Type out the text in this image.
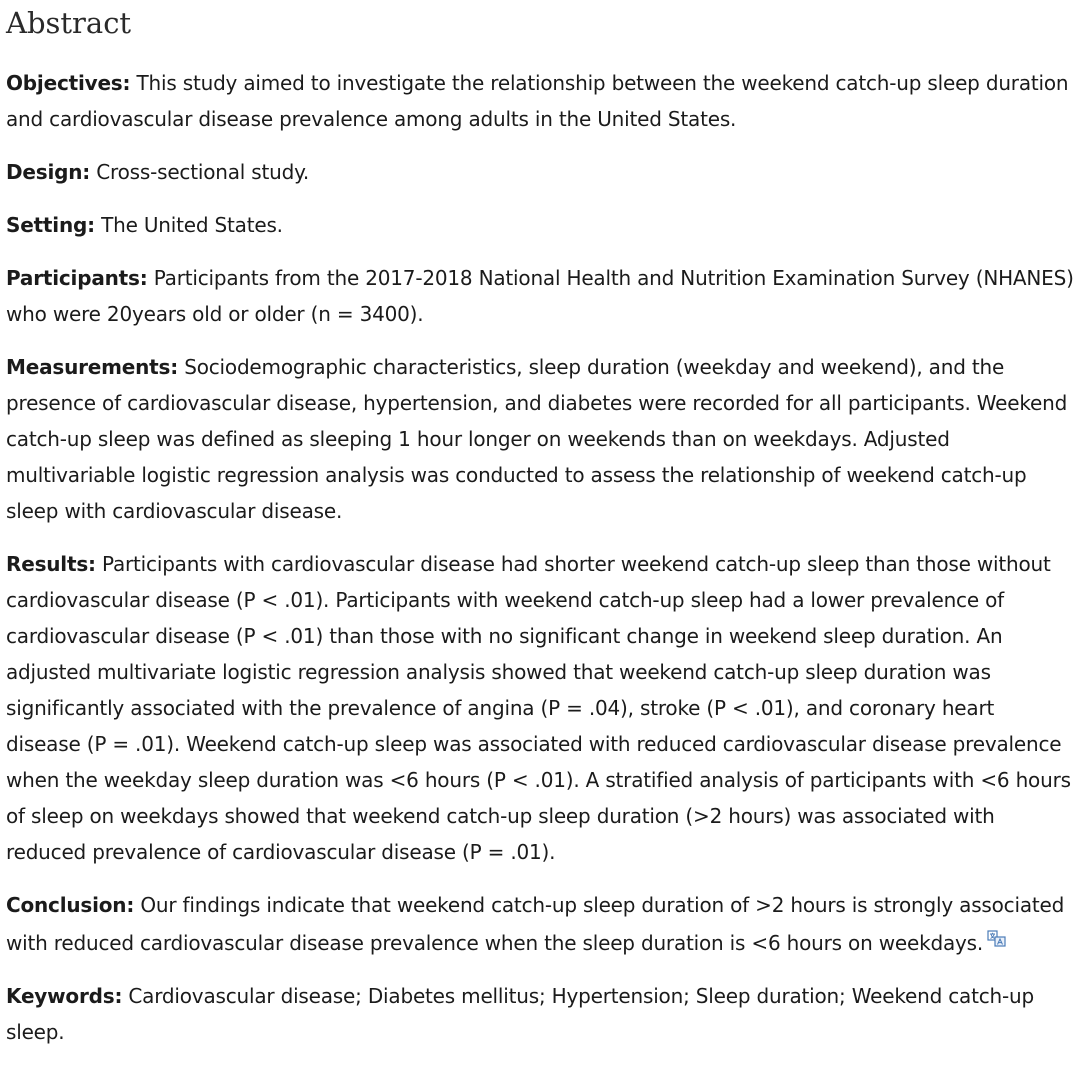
Abstract

Objectives: This study aimed to investigate the relationship between the weekend catch-up sleep duration and cardiovascular disease prevalence among adults in the United States.

Design: Cross-sectional study.

Setting: The United States.

Participants: Participants from the 2017-2018 National Health and Nutrition Examination Survey (NHANES) who were 20years old or older (n = 3400).

Measurements: Sociodemographic characteristics, sleep duration (weekday and weekend), and the presence of cardiovascular disease, hypertension, and diabetes were recorded for all participants. Weekend catch-up sleep was defined as sleeping 1 hour longer on weekends than on weekdays. Adjusted multivariable logistic regression analysis was conducted to assess the relationship of weekend catch-up sleep with cardiovascular disease.

Results: Participants with cardiovascular disease had shorter weekend catch-up sleep than those without cardiovascular disease (P < .01). Participants with weekend catch-up sleep had a lower prevalence of cardiovascular disease (P < .01) than those with no significant change in weekend sleep duration. An adjusted multivariate logistic regression analysis showed that weekend catch-up sleep duration was significantly associated with the prevalence of angina (P = .04), stroke (P < .01), and coronary heart disease (P = .01). Weekend catch-up sleep was associated with reduced cardiovascular disease prevalence when the weekday sleep duration was <6 hours (P < .01). A stratified analysis of participants with <6 hours of sleep on weekdays showed that weekend catch-up sleep duration (>2 hours) was associated with reduced prevalence of cardiovascular disease (P = .01).

Conclusion: Our findings indicate that weekend catch-up sleep duration of >2 hours is strongly associated with reduced cardiovascular disease prevalence when the sleep duration is <6 hours on weekdays.

Keywords: Cardiovascular disease; Diabetes mellitus; Hypertension; Sleep duration; Weekend catch-up sleep.
